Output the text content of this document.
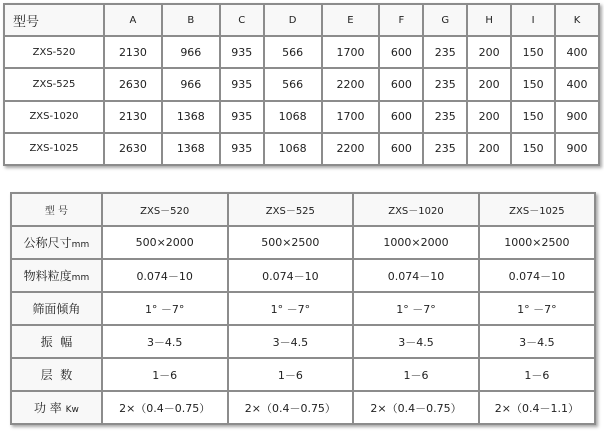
型号	A	B	C	D	E	F	G	H	I	K
ZXS-520	2130	966	935	566	1700	600	235	200	150	400
ZXS-525	2630	966	935	566	2200	600	235	200	150	400
ZXS-1020	2130	1368	935	1068	1700	600	235	200	150	900
ZXS-1025	2630	1368	935	1068	2200	600	235	200	150	900
型 号	ZXS－520	ZXS－525	ZXS－1020	ZXS－1025
公称尺寸mm	500×2000	500×2500	1000×2000	1000×2500
物料粒度mm	0.074－10	0.074－10	0.074－10	0.074－10
筛面倾角	1° －7°	1° －7°	1° －7°	1° －7°
振  幅	3－4.5	3－4.5	3－4.5	3－4.5
层  数	1－6	1－6	1－6	1－6
功 率 Kw	2×（0.4－0.75）	2×（0.4－0.75）	2×（0.4－0.75）	2×（0.4－1.1）
